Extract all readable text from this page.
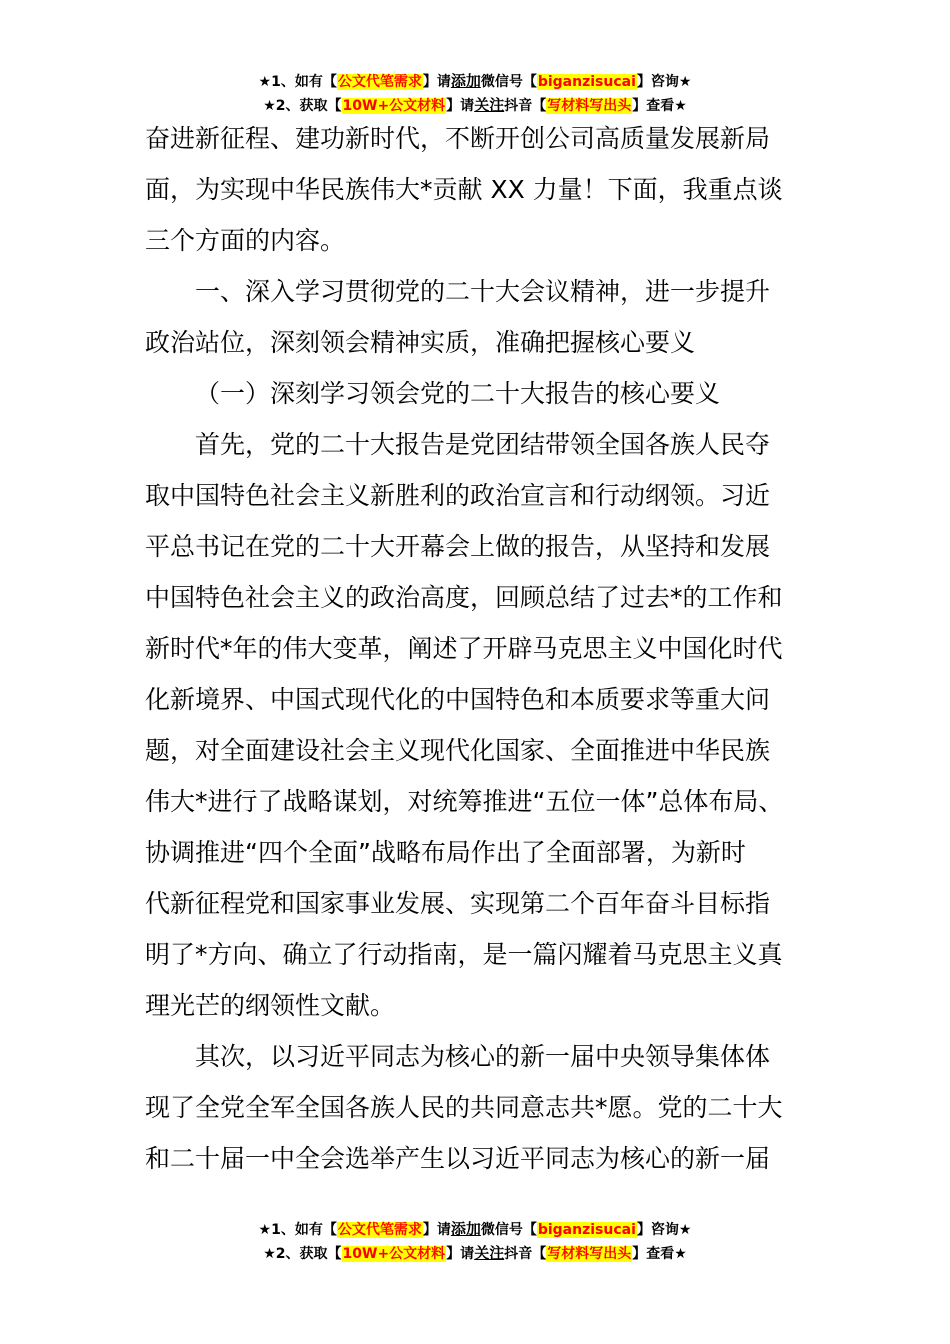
★1、如有【公文代笔需求】请添加微信号【biganzisucai】咨询★
★2、获取【10W+公文材料】请关注抖音【写材料写出头】查看★

奋进新征程、建功新时代，不断开创公司高质量发展新局
面，为实现中华民族伟大*贡献 XX 力量！下面，我重点谈
三个方面的内容。

一、深入学习贯彻党的二十大会议精神，进一步提升
政治站位，深刻领会精神实质，准确把握核心要义

（一）深刻学习领会党的二十大报告的核心要义

首先，党的二十大报告是党团结带领全国各族人民夺
取中国特色社会主义新胜利的政治宣言和行动纲领。习近
平总书记在党的二十大开幕会上做的报告，从坚持和发展
中国特色社会主义的政治高度，回顾总结了过去*的工作和
新时代*年的伟大变革，阐述了开辟马克思主义中国化时代
化新境界、中国式现代化的中国特色和本质要求等重大问
题，对全面建设社会主义现代化国家、全面推进中华民族
伟大*进行了战略谋划，对统筹推进“五位一体”总体布局、
协调推进“四个全面”战略布局作出了全面部署，为新时
代新征程党和国家事业发展、实现第二个百年奋斗目标指
明了*方向、确立了行动指南，是一篇闪耀着马克思主义真
理光芒的纲领性文献。

其次，以习近平同志为核心的新一届中央领导集体体
现了全党全军全国各族人民的共同意志共*愿。党的二十大
和二十届一中全会选举产生以习近平同志为核心的新一届

★1、如有【公文代笔需求】请添加微信号【biganzisucai】咨询★
★2、获取【10W+公文材料】请关注抖音【写材料写出头】查看★
